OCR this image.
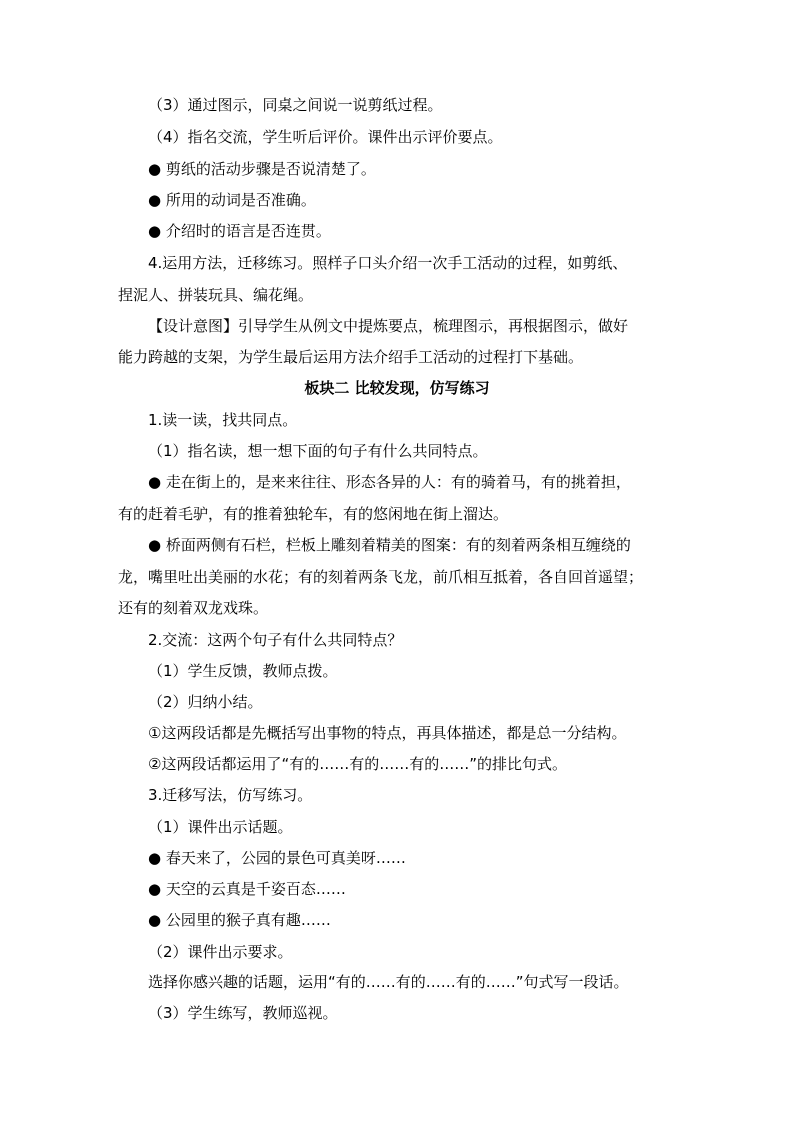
（3）通过图示，同桌之间说一说剪纸过程。
（4）指名交流，学生听后评价。课件出示评价要点。
● 剪纸的活动步骤是否说清楚了。
● 所用的动词是否准确。
● 介绍时的语言是否连贯。
4.运用方法，迁移练习。照样子口头介绍一次手工活动的过程，如剪纸、
捏泥人、拼装玩具、编花绳。
【设计意图】引导学生从例文中提炼要点，梳理图示，再根据图示，做好
能力跨越的支架，为学生最后运用方法介绍手工活动的过程打下基础。
板块二 比较发现，仿写练习
1.读一读，找共同点。
（1）指名读，想一想下面的句子有什么共同特点。
● 走在街上的，是来来往往、形态各异的人：有的骑着马，有的挑着担，
有的赶着毛驴，有的推着独轮车，有的悠闲地在街上溜达。
● 桥面两侧有石栏，栏板上雕刻着精美的图案：有的刻着两条相互缠绕的
龙，嘴里吐出美丽的水花；有的刻着两条飞龙，前爪相互抵着，各自回首遥望；
还有的刻着双龙戏珠。
2.交流：这两个句子有什么共同特点？
（1）学生反馈，教师点拨。
（2）归纳小结。
①这两段话都是先概括写出事物的特点，再具体描述，都是总一分结构。
②这两段话都运用了“有的……有的……有的……”的排比句式。
3.迁移写法，仿写练习。
（1）课件出示话题。
● 春天来了，公园的景色可真美呀……
● 天空的云真是千姿百态……
● 公园里的猴子真有趣……
（2）课件出示要求。
选择你感兴趣的话题，运用“有的……有的……有的……”句式写一段话。
（3）学生练写，教师巡视。
